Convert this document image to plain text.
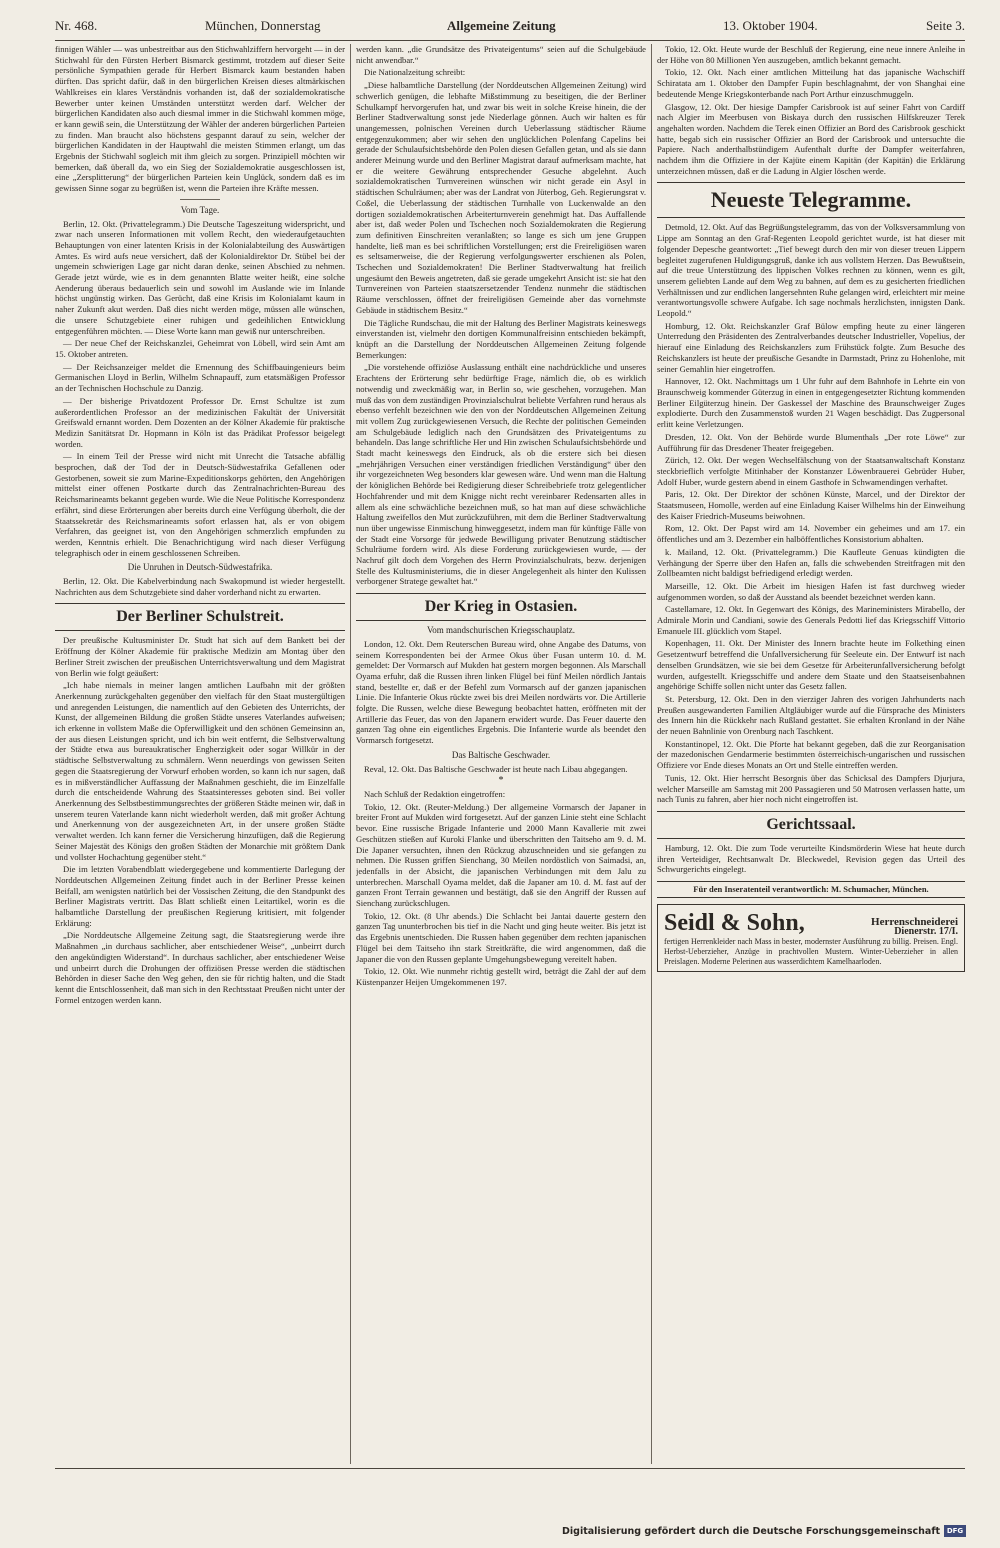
Nr. 468.	München, Donnerstag	Allgemeine Zeitung	13. Oktober 1904.	Seite 3.

finnigen Wähler — was unbestreitbar aus den Stichwahlziffern hervorgeht — in der Stichwahl für den Fürsten Herbert Bismarck gestimmt, trotzdem auf dieser Seite persönliche Sympathien gerade für Herbert Bismarck kaum bestanden haben dürften. Das spricht dafür, daß in den bürgerlichen Kreisen dieses altmärkischen Wahlkreises ein klares Verständnis vorhanden ist, daß der sozialdemokratische Bewerber unter keinen Umständen unterstützt werden darf. Welcher der bürgerlichen Kandidaten also auch diesmal immer in die Stichwahl kommen möge, er kann gewiß sein, die Unterstützung der Wähler der anderen bürgerlichen Parteien zu finden. Man braucht also höchstens gespannt darauf zu sein, welcher der bürgerlichen Kandidaten in der Hauptwahl die meisten Stimmen erlangt, um das Ergebnis der Stichwahl sogleich mit ihm gleich zu sorgen. Prinzipiell möchten wir bemerken, daß überall da, wo ein Sieg der Sozialdemokratie ausgeschlossen ist, eine „Zersplitterung“ der bürgerlichen Parteien kein Unglück, sondern daß es im gewissen Sinne sogar zu begrüßen ist, wenn die Parteien ihre Kräfte messen.

Vom Tage.

Berlin, 12. Okt. (Privattelegramm.) Die Deutsche Tageszeitung widerspricht, und zwar nach unseren Informationen mit vollem Recht, den wiederaufgetauchten Behauptungen von einer latenten Krisis in der Kolonialabteilung des Auswärtigen Amtes. Es wird aufs neue versichert, daß der Kolonialdirektor Dr. Stübel bei der ungemein schwierigen Lage gar nicht daran denke, seinen Abschied zu nehmen. Gerade jetzt würde, wie es in dem genannten Blatte weiter heißt, eine solche Aenderung überaus bedauerlich sein und sowohl im Auslande wie im Inlande höchst ungünstig wirken. Das Gerücht, daß eine Krisis im Kolonialamt kaum in naher Zukunft akut werden. Daß dies nicht werden möge, müssen alle wünschen, die unsere Schutzgebiete einer ruhigen und gedeihlichen Entwicklung entgegenführen möchten. — Diese Worte kann man gewiß nur unterschreiben.

— Der neue Chef der Reichskanzlei, Geheimrat von Löbell, wird sein Amt am 15. Oktober antreten.

— Der Reichsanzeiger meldet die Ernennung des Schiffbauingenieurs beim Germanischen Lloyd in Berlin, Wilhelm Schnapauff, zum etatsmäßigen Professor an der Technischen Hochschule zu Danzig.

— Der bisherige Privatdozent Professor Dr. Ernst Schultze ist zum außerordentlichen Professor an der medizinischen Fakultät der Universität Greifswald ernannt worden. Dem Dozenten an der Kölner Akademie für praktische Medizin Sanitätsrat Dr. Hopmann in Köln ist das Prädikat Professor beigelegt worden.

— In einem Teil der Presse wird nicht mit Unrecht die Tatsache abfällig besprochen, daß der Tod der in Deutsch-Südwestafrika Gefallenen oder Gestorbenen, soweit sie zum Marine-Expeditionskorps gehörten, den Angehörigen mittelst einer offenen Postkarte durch das Zentralnachrichten-Bureau des Reichsmarineamts bekannt gegeben wurde. Wie die Neue Politische Korrespondenz erfährt, sind diese Erörterungen aber bereits durch eine Verfügung überholt, die der Staatssekretär des Reichsmarineamts sofort erlassen hat, als er von obigem Verfahren, das geeignet ist, von den Angehörigen schmerzlich empfunden zu werden, Kenntnis erhielt. Die Benachrichtigung wird nach dieser Verfügung telegraphisch oder in einem geschlossenen Schreiben.

Die Unruhen in Deutsch-Südwestafrika.

Berlin, 12. Okt. Die Kabelverbindung nach Swakopmund ist wieder hergestellt. Nachrichten aus dem Schutzgebiete sind daher vorderhand nicht zu erwarten.

Der Berliner Schulstreit.

Der preußische Kultusminister Dr. Studt hat sich auf dem Bankett bei der Eröffnung der Kölner Akademie für praktische Medizin am Montag über den Berliner Streit zwischen der preußischen Unterrichtsverwaltung und dem Magistrat von Berlin wie folgt geäußert:

„Ich habe niemals in meiner langen amtlichen Laufbahn mit der größten Anerkennung zurückgehalten gegenüber den vielfach für den Staat mustergültigen und anregenden Leistungen, die namentlich auf den Gebieten des Unterrichts, der Kunst, der allgemeinen Bildung die großen Städte unseres Vaterlandes aufweisen; ich erkenne in vollstem Maße die Opferwilligkeit und den schönen Gemeinsinn an, der aus diesen Leistungen spricht, und ich bin weit entfernt, die Selbstverwaltung der Städte etwa aus bureaukratischer Engherzigkeit oder sogar Willkür in der städtische Selbstverwaltung zu schmälern. Wenn neuerdings von gewissen Seiten gegen die Staatsregierung der Vorwurf erhoben worden, so kann ich nur sagen, daß es in mißverständlicher Auffassung der Maßnahmen geschieht, die im Einzelfalle durch die entscheidende Wahrung des Staatsinteresses geboten sind. Bei voller Anerkennung des Selbstbestimmungsrechtes der größeren Städte meinen wir, daß in unserem teuren Vaterlande kann nicht wiederholt werden, daß mit großer Achtung und Anerkennung von der ausgezeichneten Art, in der unsere großen Städte verwaltet werden. Ich kann ferner die Versicherung hinzufügen, daß die Regierung Seiner Majestät des Königs den großen Städten der Monarchie mit größtem Dank und vollster Hochachtung gegenüber steht.“

Die im letzten Vorabendblatt wiedergegebene und kommentierte Darlegung der Norddeutschen Allgemeinen Zeitung findet auch in der Berliner Presse keinen Beifall, am wenigsten natürlich bei der Vossischen Zeitung, die den Standpunkt des Berliner Magistrats vertritt. Das Blatt schließt einen Leitartikel, worin es die halbamtliche Darstellung der preußischen Regierung kritisiert, mit folgender Erklärung:

„Die Norddeutsche Allgemeine Zeitung sagt, die Staatsregierung werde ihre Maßnahmen „in durchaus sachlicher, aber entschiedener Weise“, „unbeirrt durch den angekündigten Widerstand“. In durchaus sachlicher, aber entschiedener Weise und unbeirrt durch die Drohungen der offiziösen Presse werden die städtischen Behörden in dieser Sache den Weg gehen, den sie für richtig halten, und die Stadt kennt die Entschlossenheit, daß man sich in den Rechtsstaat Preußen nicht unter der Formel entzogen werden kann.

werden kann. „die Grundsätze des Privateigentums“ seien auf die Schulgebäude nicht anwendbar.“

Die Nationalzeitung schreibt:

„Diese halbamtliche Darstellung (der Norddeutschen Allgemeinen Zeitung) wird schwerlich genügen, die lebhafte Mißstimmung zu beseitigen, die der Berliner Schulkampf hervorgerufen hat, und zwar bis weit in solche Kreise hinein, die der Berliner Stadtverwaltung sonst jede Niederlage gönnen. Auch wir halten es für unangemessen, polnischen Vereinen durch Ueberlassung städtischer Räume entgegenzukommen; aber wir sehen den unglücklichen Polenfang Capelins bei gerade der Schulaufsichtsbehörde den Polen diesen Gefallen getan, und als sie dann anderer Meinung wurde und den Berliner Magistrat darauf aufmerksam machte, hat er die weitere Gewährung entsprechender Gesuche abgelehnt. Auch sozialdemokratischen Turnvereinen wünschen wir nicht gerade ein Asyl in städtischen Schulräumen; aber was der Landrat von Jüterbog, Geh. Regierungsrat v. Coßel, die Ueberlassung der städtischen Turnhalle von Luckenwalde an den dortigen sozialdemokratischen Arbeiterturnverein genehmigt hat. Das Auffallende aber ist, daß weder Polen und Tschechen noch Sozialdemokraten die Regierung zum definitiven Einschreiten veranlaßten; so lange es sich um jene Gruppen handelte, ließ man es bei schriftlichen Vorstellungen; erst die Freireligiösen waren es seltsamerweise, die der Regierung verfolgungswerter erschienen als Polen, Tschechen und Sozialdemokraten! Die Berliner Stadtverwaltung hat freilich ungesäumt den Beweis angetreten, daß sie gerade umgekehrt Ansicht ist: sie hat den Turnvereinen von Parteien staatszersetzender Tendenz nunmehr die städtischen Räume verschlossen, öffnet der freireligiösen Gemeinde aber das vornehmste Gebäude in städtischem Besitz.“

Die Tägliche Rundschau, die mit der Haltung des Berliner Magistrats keineswegs einverstanden ist, vielmehr den dortigen Kommunalfreisinn entschieden bekämpft, knüpft an die Darstellung der Norddeutschen Allgemeinen Zeitung folgende Bemerkungen:

„Die vorstehende offiziöse Auslassung enthält eine nachdrückliche und unseres Erachtens der Erörterung sehr bedürftige Frage, nämlich die, ob es wirklich notwendig und zweckmäßig war, in Berlin so, wie geschehen, vorzugehen. Man muß das von dem zuständigen Provinzialschulrat beliebte Verfahren rund heraus als ebenso verfehlt bezeichnen wie den von der Norddeutschen Allgemeinen Zeitung mit vollem Zug zurückgewiesenen Versuch, die Rechte der politischen Gemeinden am Schulgebäude lediglich nach den Grundsätzen des Privateigentums zu behandeln. Das lange schriftliche Her und Hin zwischen Schulaufsichtsbehörde und Stadt macht keineswegs den Eindruck, als ob die erstere sich bei diesen „mehrjährigen Versuchen einer verständigen friedlichen Verständigung“ über den ihr vorgezeichneten Weg besonders klar gewesen wäre. Und wenn man die Haltung der königlichen Behörde bei Redigierung dieser Schreibebriefe trotz gelegentlicher Hochfahrender und mit dem Knigge nicht recht vereinbarer Redensarten alles in allem als eine schwächliche bezeichnen muß, so hat man auf diese schwächliche Haltung zweifellos den Mut zurückzuführen, mit dem die Berliner Stadtverwaltung nun über ungewisse Einmischung hinweggesetzt, indem man für künftige Fälle von der Stadt eine Vorsorge für jedwede Bewilligung privater Benutzung städtischer Schulräume fordern wird. Als diese Forderung zurückgewiesen wurde, — der Nachruf gilt doch dem Vorgehen des Herrn Provinzialschulrats, bezw. derjenigen Stelle des Kultusministeriums, die in dieser Angelegenheit als hinter den Kulissen verborgener Stratege gewaltet hat.“

Der Krieg in Ostasien.
Vom mandschurischen Kriegsschauplatz.

London, 12. Okt. Dem Reuterschen Bureau wird, ohne Angabe des Datums, von seinem Korrespondenten bei der Armee Okus über Fusan unterm 10. d. M. gemeldet: Der Vormarsch auf Mukden hat gestern morgen begonnen. Als Marschall Oyama erfuhr, daß die Russen ihren linken Flügel bei fünf Meilen nördlich Jantais stand, bestellte er, daß er der Befehl zum Vormarsch auf der ganzen japanischen Linie. Die Infanterie Okus rückte zwei bis drei Meilen nordwärts vor. Die Artillerie folgte. Die Russen, welche diese Bewegung beobachtet hatten, eröffneten mit der Artillerie das Feuer, das von den Japanern erwidert wurde. Das Feuer dauerte den ganzen Tag ohne ein eigentliches Ergebnis. Die Infanterie wurde als beendet den Vormarsch fortgesetzt.

Das Baltische Geschwader.

Reval, 12. Okt. Das Baltische Geschwader ist heute nach Libau abgegangen.

*

Nach Schluß der Redaktion eingetroffen:

Tokio, 12. Okt. (Reuter-Meldung.) Der allgemeine Vormarsch der Japaner in breiter Front auf Mukden wird fortgesetzt. Auf der ganzen Linie steht eine Schlacht bevor. Eine russische Brigade Infanterie und 2000 Mann Kavallerie mit zwei Geschützen stießen auf Kuroki Flanke und überschritten den Taitseho am 9. d. M. Die Japaner versuchten, ihnen den Rückzug abzuschneiden und sie gefangen zu nehmen. Die Russen griffen Sienchang, 30 Meilen nordöstlich von Saimadsi, an, jedenfalls in der Absicht, die japanischen Verbindungen mit dem Jalu zu unterbrechen. Marschall Oyama meldet, daß die Japaner am 10. d. M. fast auf der ganzen Front Terrain gewannen und bestätigt, daß sie den Angriff der Russen auf Sienchang zurückschlugen.

Tokio, 12. Okt. (8 Uhr abends.) Die Schlacht bei Jantai dauerte gestern den ganzen Tag ununterbrochen bis tief in die Nacht und ging heute weiter. Bis jetzt ist das Ergebnis unentschieden. Die Russen haben gegenüber dem rechten japanischen Flügel bei dem Taitseho ihn stark Streitkräfte, die wird angenommen, daß die Japaner die von den Russen geplante Umgehungsbewegung vereitelt haben.

Tokio, 12. Okt. Wie nunmehr richtig gestellt wird, beträgt die Zahl der auf dem Küstenpanzer Heijen Umgekommenen 197.

Tokio, 12. Okt. Heute wurde der Beschluß der Regierung, eine neue innere Anleihe in der Höhe von 80 Millionen Yen auszugeben, amtlich bekannt gemacht.

Tokio, 12. Okt. Nach einer amtlichen Mitteilung hat das japanische Wachschiff Schiratata am 1. Oktober den Dampfer Fupin beschlagnahmt, der von Shanghai eine bedeutende Menge Kriegskonterbande nach Port Arthur einzuschmuggeln.

Glasgow, 12. Okt. Der hiesige Dampfer Carisbrook ist auf seiner Fahrt von Cardiff nach Algier im Meerbusen von Biskaya durch den russischen Hilfskreuzer Terek angehalten worden. Nachdem die Terek einen Offizier an Bord des Carisbrook geschickt hatte, begab sich ein russischer Offizier an Bord der Carisbrook und untersuchte die Papiere. Nach anderthalbstündigem Aufenthalt durfte der Dampfer weiterfahren, nachdem ihm die Offiziere in der Kajüte einem Kapitän (der Kapitän) die Erklärung unterzeichnen müssen, daß er die Ladung in Algier löschen werde.

Neueste Telegramme.

Detmold, 12. Okt. Auf das Begrüßungstelegramm, das von der Volksversammlung von Lippe am Sonntag an den Graf-Regenten Leopold gerichtet wurde, ist hat dieser mit folgender Depesche geantwortet: „Tief bewegt durch den mir von dieser treuen Lippern begleitet zugerufenen Huldigungsgruß, danke ich aus vollstem Herzen. Das Bewußtsein, auf die treue Unterstützung des lippischen Volkes rechnen zu können, wenn es gilt, unserem geliebten Lande auf dem Weg zu bahnen, auf dem es zu gesicherten friedlichen Verhältnissen und zur endlichen langersehnten Ruhe gelangen wird, erleichtert mir meine verantwortungsvolle schwere Aufgabe. Ich sage nochmals herzlichsten, innigsten Dank. Leopold.“

Homburg, 12. Okt. Reichskanzler Graf Bülow empfing heute zu einer längeren Unterredung den Präsidenten des Zentralverbandes deutscher Industrieller, Vopelius, der hierauf eine Einladung des Reichskanzlers zum Frühstück folgte. Zum Besuche des Reichskanzlers ist heute der preußische Gesandte in Darmstadt, Prinz zu Hohenlohe, mit seiner Gemahlin hier eingetroffen.

Hannover, 12. Okt. Nachmittags um 1 Uhr fuhr auf dem Bahnhofe in Lehrte ein von Braunschweig kommender Güterzug in einen in entgegengesetzter Richtung kommenden Berliner Eilgüterzug hinein. Der Gaskessel der Maschine des Braunschweiger Zuges explodierte. Durch den Zusammenstoß wurden 21 Wagen beschädigt. Das Zugpersonal erlitt keine Verletzungen.

Dresden, 12. Okt. Von der Behörde wurde Blumenthals „Der rote Löwe“ zur Aufführung für das Dresdener Theater freigegeben.

Zürich, 12. Okt. Der wegen Wechselfälschung von der Staatsanwaltschaft Konstanz steckbrieflich verfolgte Mitinhaber der Konstanzer Löwenbrauerei Gebrüder Huber, Adolf Huber, wurde gestern abend in einem Gasthofe in Schwamendingen verhaftet.

Paris, 12. Okt. Der Direktor der schönen Künste, Marcel, und der Direktor der Staatsmuseen, Homolle, werden auf eine Einladung Kaiser Wilhelms hin der Einweihung des Kaiser Friedrich-Museums beiwohnen.

Rom, 12. Okt. Der Papst wird am 14. November ein geheimes und am 17. ein öffentliches und am 3. Dezember ein halböffentliches Konsistorium abhalten.

k. Mailand, 12. Okt. (Privattelegramm.) Die Kaufleute Genuas kündigten die Verhängung der Sperre über den Hafen an, falls die schwebenden Streitfragen mit den Zollbeamten nicht baldigst befriedigend erledigt werden.

Marseille, 12. Okt. Die Arbeit im hiesigen Hafen ist fast durchweg wieder aufgenommen worden, so daß der Ausstand als beendet bezeichnet werden kann.

Castellamare, 12. Okt. In Gegenwart des Königs, des Marineministers Mirabello, der Admirale Morin und Candiani, sowie des Generals Pedotti lief das Kriegsschiff Vittorio Emanuele III. glücklich vom Stapel.

Kopenhagen, 11. Okt. Der Minister des Innern brachte heute im Folkething einen Gesetzentwurf betreffend die Unfallversicherung für Seeleute ein. Der Entwurf ist nach denselben Grundsätzen, wie sie bei dem Gesetze für Arbeiterunfallversicherung befolgt wurden, aufgestellt. Kriegsschiffe und andere dem Staate und den Staatseisenbahnen angehörige Schiffe sollen nicht unter das Gesetz fallen.

St. Petersburg, 12. Okt. Den in den vierziger Jahren des vorigen Jahrhunderts nach Preußen ausgewanderten Familien Altgläubiger wurde auf die Fürsprache des Ministers des Innern hin die Rückkehr nach Rußland gestattet. Sie erhalten Kronland in der Nähe der neuen Bahnlinie von Orenburg nach Taschkent.

Konstantinopel, 12. Okt. Die Pforte hat bekannt gegeben, daß die zur Reorganisation der mazedonischen Gendarmerie bestimmten österreichisch-ungarischen und russischen Offiziere vor Ende dieses Monats an Ort und Stelle eintreffen werden.

Tunis, 12. Okt. Hier herrscht Besorgnis über das Schicksal des Dampfers Djurjura, welcher Marseille am Samstag mit 200 Passagieren und 50 Matrosen verlassen hatte, um nach Tunis zu fahren, aber hier noch nicht eingetroffen ist.

Gerichtssaal.

Hamburg, 12. Okt. Die zum Tode verurteilte Kindsmörderin Wiese hat heute durch ihren Verteidiger, Rechtsanwalt Dr. Bleckwedel, Revision gegen das Urteil des Schwurgerichts eingelegt.

Für den Inseratenteil verantwortlich: M. Schumacher, München.
Seidl & Sohn,	Herrenschneiderei
Dienerstr. 17/I.
fertigen Herrenkleider nach Mass in bester, modernster Ausführung zu billig. Preisen. Engl. Herbst-Ueberzieher, Anzüge in prachtvollen Mustern. Winter-Ueberzieher in allen Preislagen. Moderne Pelerinen aus wasserdichtem Kamelhaarloden.
Digitalisierung gefördert durch die Deutsche Forschungsgemeinschaft DFG
